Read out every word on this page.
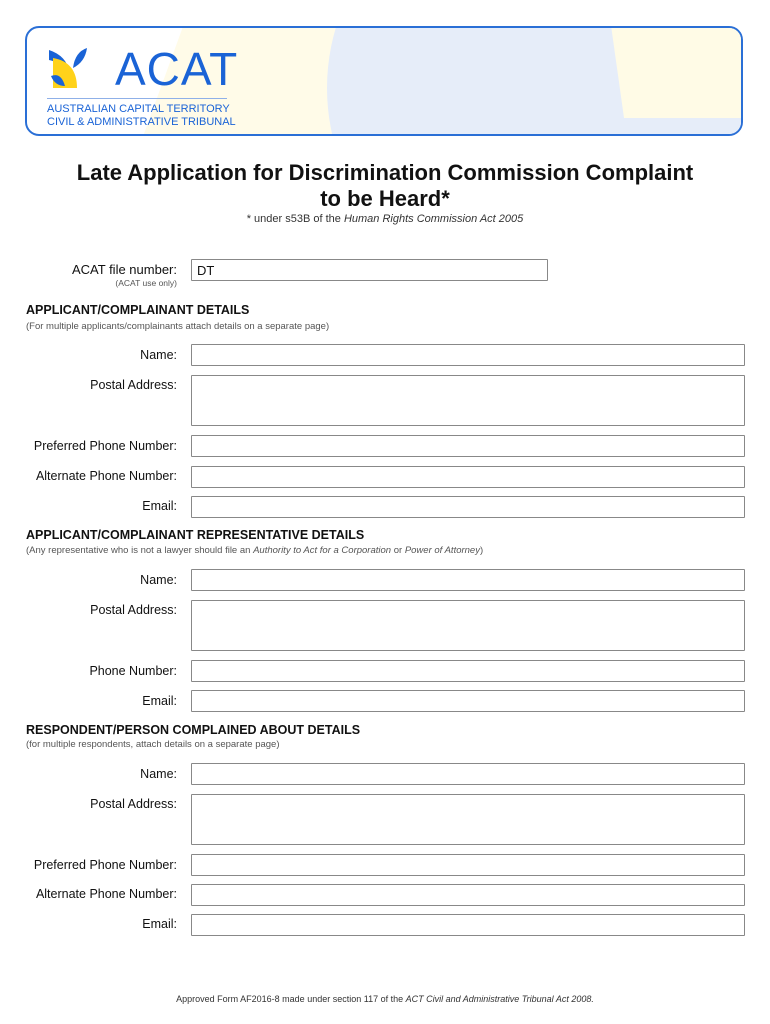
ACAT
AUSTRALIAN CAPITAL TERRITORY
CIVIL & ADMINISTRATIVE TRIBUNAL
Late Application for Discrimination Commission Complaint
to be Heard*
* under s53B of the Human Rights Commission Act 2005
ACAT file number:
(ACAT use only)
DT
APPLICANT/COMPLAINANT DETAILS
(For multiple applicants/complainants attach details on a separate page)
Name:
Postal Address:
Preferred Phone Number:
Alternate Phone Number:
Email:
APPLICANT/COMPLAINANT REPRESENTATIVE DETAILS
(Any representative who is not a lawyer should file an Authority to Act for a Corporation or Power of Attorney)
Name:
Postal Address:
Phone Number:
Email:
RESPONDENT/PERSON COMPLAINED ABOUT DETAILS
(for multiple respondents, attach details on a separate page)
Name:
Postal Address:
Preferred Phone Number:
Alternate Phone Number:
Email:
Approved Form AF2016-8 made under section 117 of the ACT Civil and Administrative Tribunal Act 2008.
